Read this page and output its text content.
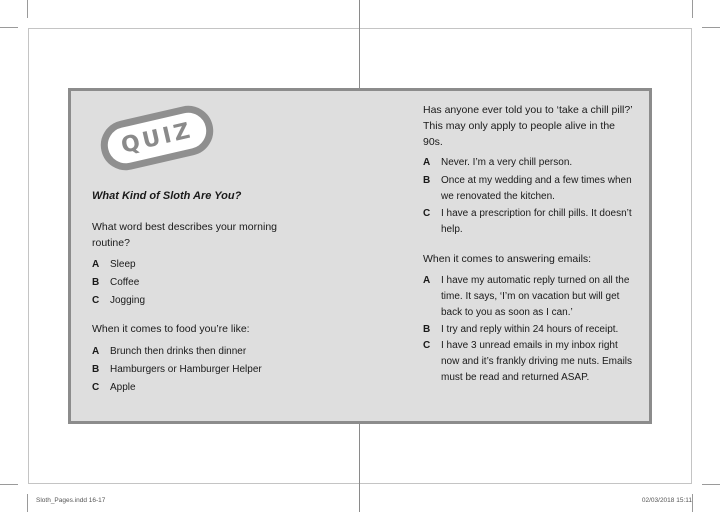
QUIZ
What Kind of Sloth Are You?
What word best describes your morning routine?
A	Sleep
B	Coffee
C	Jogging
When it comes to food you’re like:
A	Brunch then drinks then dinner
B	Hamburgers or Hamburger Helper
C	Apple
Has anyone ever told you to ‘take a chill pill?’ This may only apply to people alive in the 90s.
A	Never. I’m a very chill person.
B	Once at my wedding and a few times when we renovated the kitchen.
C	I have a prescription for chill pills. It doesn’t help.
When it comes to answering emails:
A	I have my automatic reply turned on all the time. It says, ‘I’m on vacation but will get back to you as soon as I can.’
B	I try and reply within 24 hours of receipt.
C	I have 3 unread emails in my inbox right now and it’s frankly driving me nuts. Emails must be read and returned ASAP.
Sloth_Pages.indd 16-17	02/03/2018 15:11
